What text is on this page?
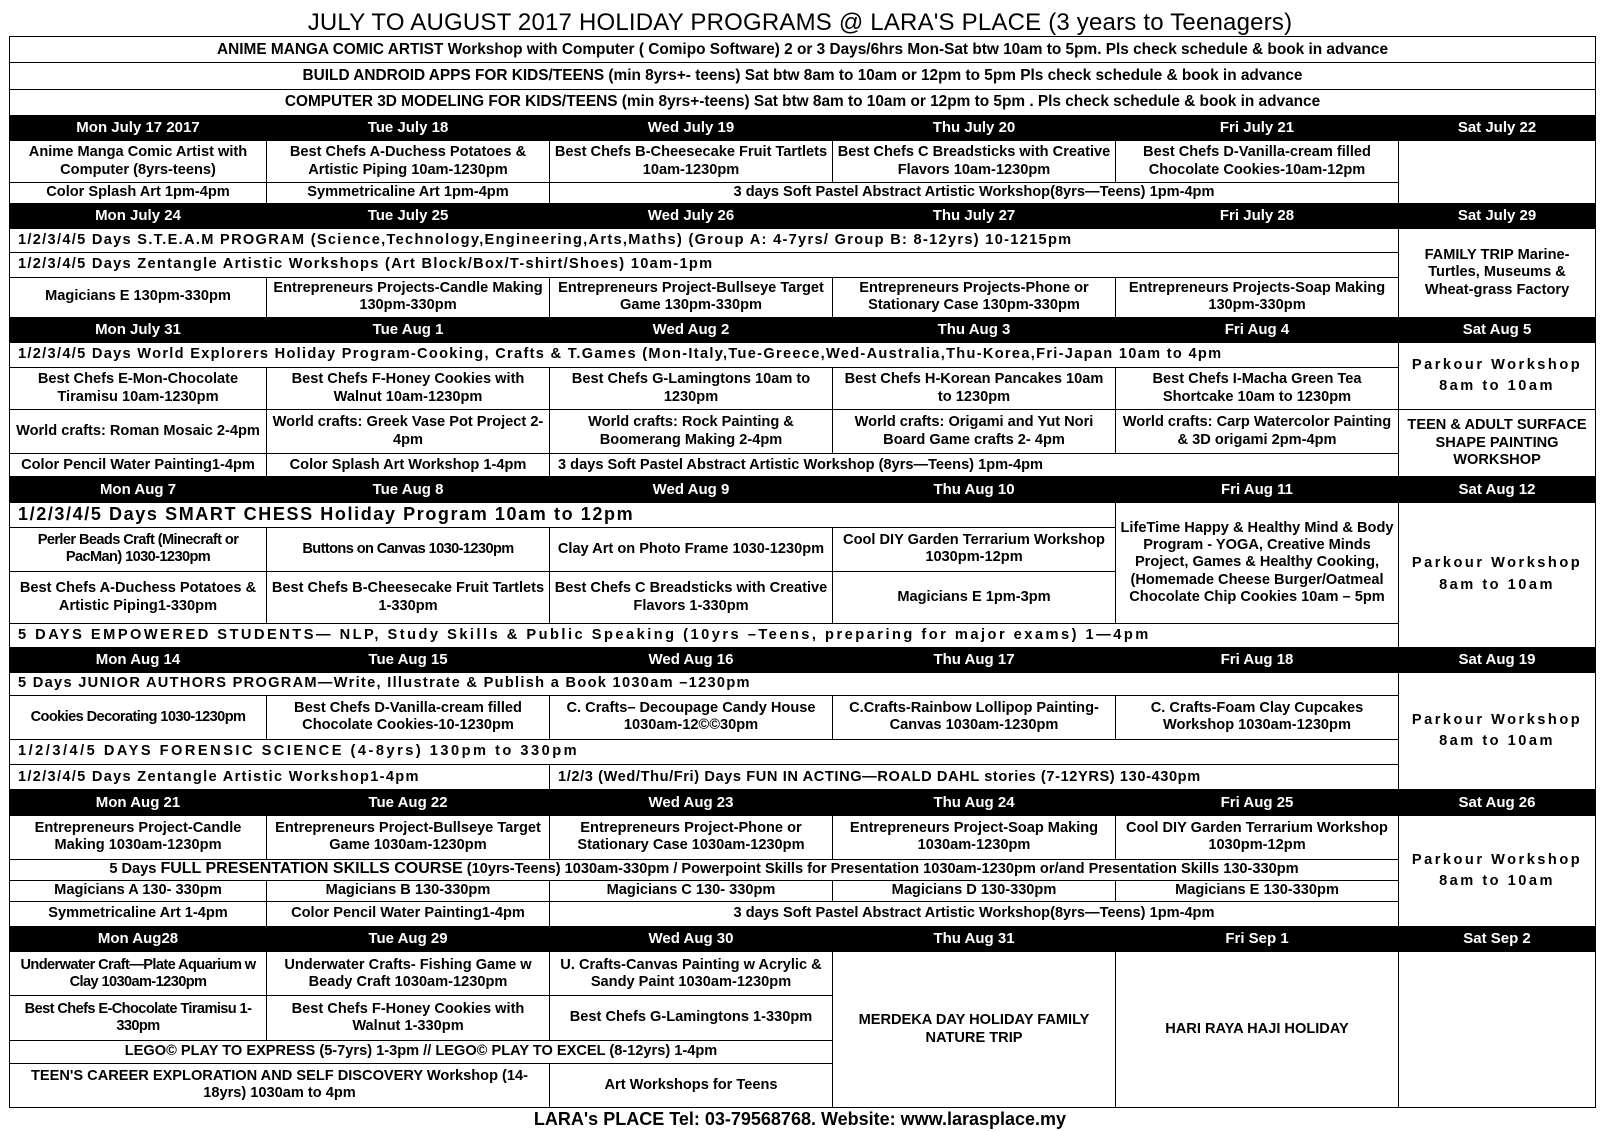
JULY TO AUGUST 2017 HOLIDAY PROGRAMS @ LARA'S PLACE (3 years to Teenagers)
ANIME MANGA COMIC ARTIST Workshop with Computer ( Comipo Software) 2 or 3 Days/6hrs Mon-Sat btw 10am to 5pm. Pls check schedule & book in advance					
BUILD ANDROID APPS FOR KIDS/TEENS (min 8yrs+- teens) Sat btw 8am to 10am or 12pm to 5pm Pls check schedule & book in advance					
COMPUTER 3D MODELING FOR KIDS/TEENS (min 8yrs+-teens) Sat btw 8am to 10am or 12pm to 5pm . Pls check schedule & book in advance					
Mon July 17 2017	Tue July 18	Wed July 19	Thu July 20	Fri July 21	Sat July 22
Anime Manga Comic Artist with Computer (8yrs-teens)	Best Chefs A-Duchess Potatoes & Artistic Piping 10am-1230pm	Best Chefs B-Cheesecake Fruit Tartlets 10am-1230pm	Best Chefs C Breadsticks with Creative Flavors 10am-1230pm	Best Chefs D-Vanilla-cream filled Chocolate Cookies-10am-12pm	
Color Splash Art 1pm-4pm	Symmetricaline Art 1pm-4pm	3 days Soft Pastel Abstract Artistic Workshop(8yrs—Teens) 1pm-4pm			
Mon July 24	Tue July 25	Wed July 26	Thu July 27	Fri July 28	Sat July 29
1/2/3/4/5 Days S.T.E.A.M PROGRAM (Science,Technology,Engineering,Arts,Maths) (Group A: 4-7yrs/ Group B: 8-12yrs) 10-1215pm					FAMILY TRIP Marine-Turtles, Museums & Wheat-grass Factory
1/2/3/4/5 Days Zentangle Artistic Workshops (Art Block/Box/T-shirt/Shoes) 10am-1pm					
Magicians E 130pm-330pm	Entrepreneurs Projects-Candle Making 130pm-330pm	Entrepreneurs Project-Bullseye Target Game 130pm-330pm	Entrepreneurs Projects-Phone or Stationary Case 130pm-330pm	Entrepreneurs Projects-Soap Making 130pm-330pm	
Mon July 31	Tue Aug 1	Wed Aug 2	Thu Aug 3	Fri Aug 4	Sat Aug 5
1/2/3/4/5 Days World Explorers Holiday Program-Cooking, Crafts & T.Games (Mon-Italy,Tue-Greece,Wed-Australia,Thu-Korea,Fri-Japan 10am to 4pm					Parkour Workshop 8am to 10am
Best Chefs E-Mon-Chocolate Tiramisu 10am-1230pm	Best Chefs F-Honey Cookies with Walnut 10am-1230pm	Best Chefs G-Lamingtons 10am to 1230pm	Best Chefs H-Korean Pancakes 10am to 1230pm	Best Chefs I-Macha Green Tea Shortcake 10am to 1230pm	
World crafts: Roman Mosaic 2-4pm	World crafts: Greek Vase Pot Project 2-4pm	World crafts: Rock Painting & Boomerang Making 2-4pm	World crafts: Origami and Yut Nori Board Game crafts 2- 4pm	World crafts: Carp Watercolor Painting & 3D origami 2pm-4pm	TEEN & ADULT SURFACE SHAPE PAINTING WORKSHOP
Color Pencil Water Painting1-4pm	Color Splash Art Workshop 1-4pm	3 days Soft Pastel Abstract Artistic Workshop (8yrs—Teens) 1pm-4pm			
Mon Aug 7	Tue Aug 8	Wed Aug 9	Thu Aug 10	Fri Aug 11	Sat Aug 12
1/2/3/4/5 Days SMART CHESS Holiday Program 10am to 12pm				LifeTime Happy & Healthy Mind & Body Program - YOGA, Creative Minds Project, Games & Healthy Cooking, (Homemade Cheese Burger/Oatmeal Chocolate Chip Cookies 10am – 5pm	Parkour Workshop 8am to 10am
Perler Beads Craft (Minecraft or PacMan) 1030-1230pm	Buttons on Canvas 1030-1230pm	Clay Art on Photo Frame 1030-1230pm	Cool DIY Garden Terrarium Workshop 1030pm-12pm		
Best Chefs A-Duchess Potatoes & Artistic Piping1-330pm	Best Chefs B-Cheesecake Fruit Tartlets 1-330pm	Best Chefs C Breadsticks with Creative Flavors 1-330pm	Magicians E 1pm-3pm		
5 DAYS EMPOWERED STUDENTS— NLP, Study Skills & Public Speaking (10yrs –Teens, preparing for major exams) 1—4pm					
Mon Aug 14	Tue Aug 15	Wed Aug 16	Thu Aug 17	Fri Aug 18	Sat Aug 19
5 Days JUNIOR AUTHORS PROGRAM—Write, Illustrate & Publish a Book 1030am –1230pm					Parkour Workshop 8am to 10am
Cookies Decorating 1030-1230pm	Best Chefs D-Vanilla-cream filled Chocolate Cookies-10-1230pm	C. Crafts– Decoupage Candy House 1030am-12©©30pm	C.Crafts-Rainbow Lollipop Painting-Canvas 1030am-1230pm	C. Crafts-Foam Clay Cupcakes Workshop 1030am-1230pm	
1/2/3/4/5 DAYS FORENSIC SCIENCE (4-8yrs) 130pm to 330pm					
1/2/3/4/5 Days Zentangle Artistic Workshop1-4pm		1/2/3 (Wed/Thu/Fri) Days FUN IN ACTING—ROALD DAHL stories (7-12YRS) 130-430pm			
Mon Aug 21	Tue Aug 22	Wed Aug 23	Thu Aug 24	Fri Aug 25	Sat Aug 26
Entrepreneurs Project-Candle Making 1030am-1230pm	Entrepreneurs Project-Bullseye Target Game 1030am-1230pm	Entrepreneurs Project-Phone or Stationary Case 1030am-1230pm	Entrepreneurs Project-Soap Making 1030am-1230pm	Cool DIY Garden Terrarium Workshop 1030pm-12pm	Parkour Workshop 8am to 10am
5 Days FULL PRESENTATION SKILLS COURSE (10yrs-Teens) 1030am-330pm / Powerpoint Skills for Presentation 1030am-1230pm or/and Presentation Skills 130-330pm					
Magicians A 130- 330pm	Magicians B 130-330pm	Magicians C 130- 330pm	Magicians D 130-330pm	Magicians E 130-330pm	
Symmetricaline Art 1-4pm	Color Pencil Water Painting1-4pm	3 days Soft Pastel Abstract Artistic Workshop(8yrs—Teens) 1pm-4pm			
Mon Aug28	Tue Aug 29	Wed Aug 30	Thu Aug 31	Fri Sep 1	Sat Sep 2
Underwater Craft—Plate Aquarium w Clay 1030am-1230pm	Underwater Crafts- Fishing Game w Beady Craft 1030am-1230pm	U. Crafts-Canvas Painting w Acrylic & Sandy Paint 1030am-1230pm	MERDEKA DAY HOLIDAY FAMILY NATURE TRIP	HARI RAYA HAJI HOLIDAY	
Best Chefs E-Chocolate Tiramisu 1-330pm	Best Chefs F-Honey Cookies with Walnut 1-330pm	Best Chefs G-Lamingtons 1-330pm			
LEGO© PLAY TO EXPRESS (5-7yrs) 1-3pm // LEGO© PLAY TO EXCEL (8-12yrs) 1-4pm					
TEEN'S CAREER EXPLORATION AND SELF DISCOVERY Workshop (14-18yrs) 1030am to 4pm		Art Workshops for Teens			
LARA's PLACE Tel: 03-79568768. Website: www.larasplace.my
